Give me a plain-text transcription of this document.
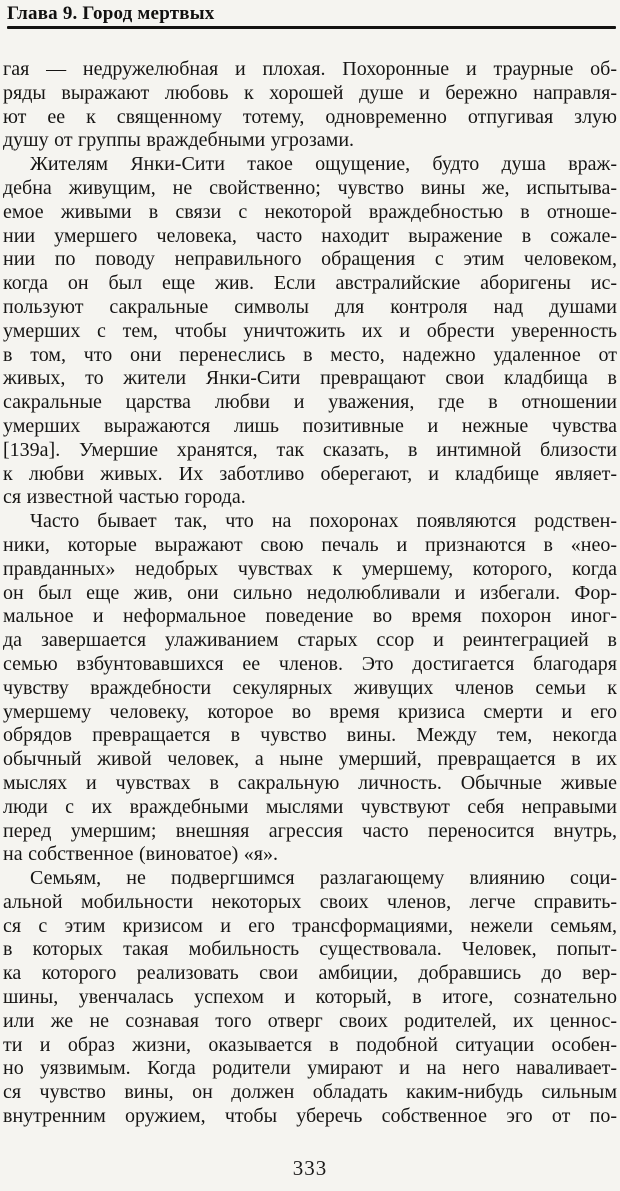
Глава 9. Город мертвых
гая — недружелюбная и плохая. Похоронные и траурные об-
ряды выражают любовь к хорошей душе и бережно направля-
ют ее к священному тотему, одновременно отпугивая злую
душу от группы враждебными угрозами.
Жителям Янки-Сити такое ощущение, будто душа враж-
дебна живущим, не свойственно; чувство вины же, испытыва-
емое живыми в связи с некоторой враждебностью в отноше-
нии умершего человека, часто находит выражение в сожале-
нии по поводу неправильного обращения с этим человеком,
когда он был еще жив. Если австралийские аборигены ис-
пользуют сакральные символы для контроля над душами
умерших с тем, чтобы уничтожить их и обрести уверенность
в том, что они перенеслись в место, надежно удаленное от
живых, то жители Янки-Сити превращают свои кладбища в
сакральные царства любви и уважения, где в отношении
умерших выражаются лишь позитивные и нежные чувства
[139а]. Умершие хранятся, так сказать, в интимной близости
к любви живых. Их заботливо оберегают, и кладбище являет-
ся известной частью города.
Часто бывает так, что на похоронах появляются родствен-
ники, которые выражают свою печаль и признаются в «нео-
правданных» недобрых чувствах к умершему, которого, когда
он был еще жив, они сильно недолюбливали и избегали. Фор-
мальное и неформальное поведение во время похорон иног-
да завершается улаживанием старых ссор и реинтеграцией в
семью взбунтовавшихся ее членов. Это достигается благодаря
чувству враждебности секулярных живущих членов семьи к
умершему человеку, которое во время кризиса смерти и его
обрядов превращается в чувство вины. Между тем, некогда
обычный живой человек, а ныне умерший, превращается в их
мыслях и чувствах в сакральную личность. Обычные живые
люди с их враждебными мыслями чувствуют себя неправыми
перед умершим; внешняя агрессия часто переносится внутрь,
на собственное (виноватое) «я».
Семьям, не подвергшимся разлагающему влиянию соци-
альной мобильности некоторых своих членов, легче справить-
ся с этим кризисом и его трансформациями, нежели семьям,
в которых такая мобильность существовала. Человек, попыт-
ка которого реализовать свои амбиции, добравшись до вер-
шины, увенчалась успехом и который, в итоге, сознательно
или же не сознавая того отверг своих родителей, их ценнос-
ти и образ жизни, оказывается в подобной ситуации особен-
но уязвимым. Когда родители умирают и на него наваливает-
ся чувство вины, он должен обладать каким-нибудь сильным
внутренним оружием, чтобы уберечь собственное эго от по-
333
